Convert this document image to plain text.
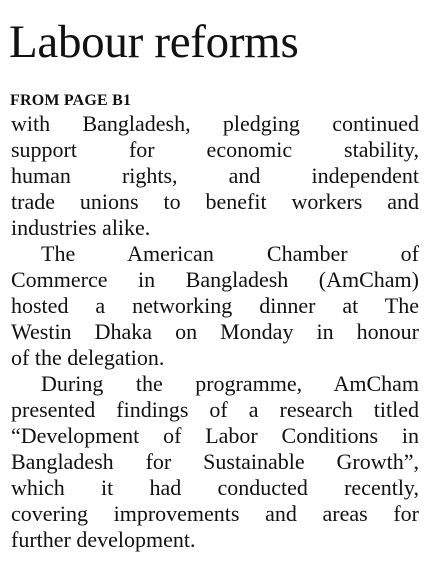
Labour reforms
FROM PAGE B1

with Bangladesh, pledging continued
support for economic stability,
human rights, and independent
trade unions to benefit workers and
industries alike.

The American Chamber of
Commerce in Bangladesh (AmCham)
hosted a networking dinner at The
Westin Dhaka on Monday in honour
of the delegation.

During the programme, AmCham
presented findings of a research titled
“Development of Labor Conditions in
Bangladesh for Sustainable Growth”,
which it had conducted recently,
covering improvements and areas for
further development.
